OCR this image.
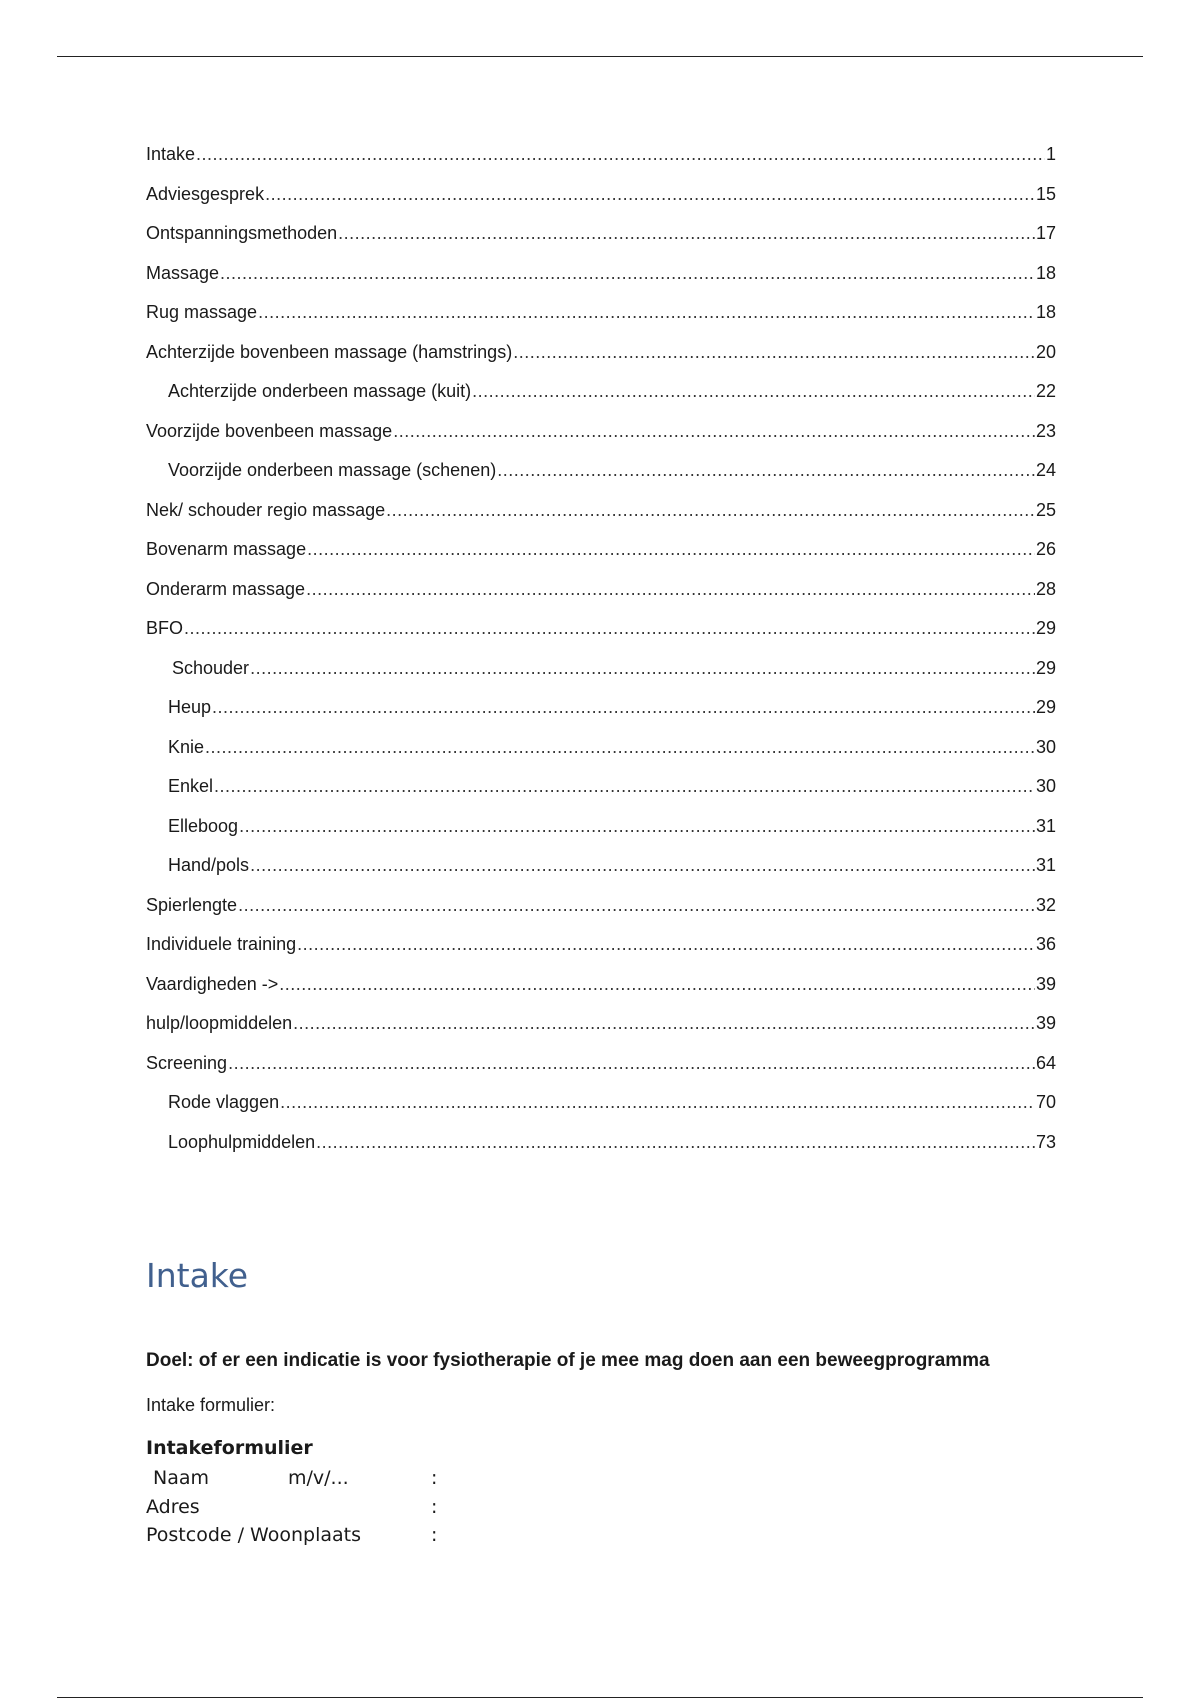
Intake .....	1
Adviesgesprek .....	15
Ontspanningsmethoden .....	17
Massage .....	18
Rug massage .....	18
Achterzijde bovenbeen massage (hamstrings) .....	20
Achterzijde onderbeen massage (kuit) .....	22
Voorzijde bovenbeen massage .....	23
Voorzijde onderbeen massage (schenen) .....	24
Nek/ schouder regio massage .....	25
Bovenarm massage .....	26
Onderarm massage .....	28
BFO .....	29
Schouder .....	29
Heup .....	29
Knie .....	30
Enkel .....	30
Elleboog .....	31
Hand/pols .....	31
Spierlengte .....	32
Individuele training .....	36
Vaardigheden -> .....	39
hulp/loopmiddelen .....	39
Screening .....	64
Rode vlaggen .....	70
Loophulpmiddelen .....	73
Intake

Doel: of er een indicatie is voor fysiotherapie of je mee mag doen aan een beweegprogramma

Intake formulier:

Intakeformulier

Naam	m/v/...	:
Adres	:
Postcode / Woonplaats	:
